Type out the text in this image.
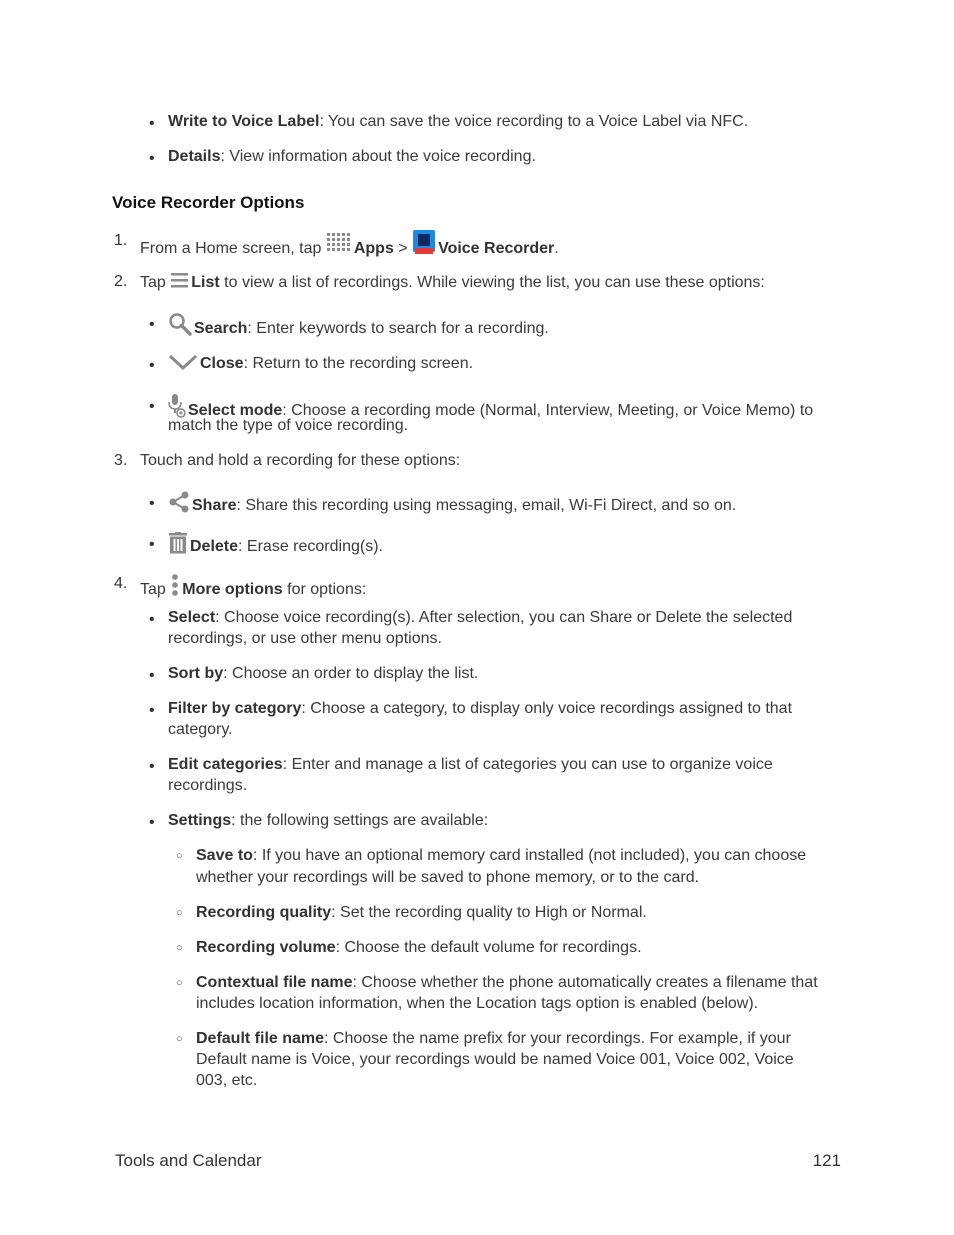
• Write to Voice Label: You can save the voice recording to a Voice Label via NFC.
• Details: View information about the voice recording.
Voice Recorder Options
1. From a Home screen, tap Apps > Voice Recorder.
2. Tap List to view a list of recordings. While viewing the list, you can use these options:
•	Search: Enter keywords to search for a recording.
•	Close: Return to the recording screen.
•	Select mode: Choose a recording mode (Normal, Interview, Meeting, or Voice Memo) to
match the type of voice recording.
3. Touch and hold a recording for these options:
•	Share: Share this recording using messaging, email, Wi-Fi Direct, and so on.
•	Delete: Erase recording(s).
4. Tap More options for options:
• Select: Choose voice recording(s). After selection, you can Share or Delete the selected
recordings, or use other menu options.
• Sort by: Choose an order to display the list.
• Filter by category: Choose a category, to display only voice recordings assigned to that
category.
• Edit categories: Enter and manage a list of categories you can use to organize voice
recordings.
• Settings: the following settings are available:
○ Save to: If you have an optional memory card installed (not included), you can choose
whether your recordings will be saved to phone memory, or to the card.
○ Recording quality: Set the recording quality to High or Normal.
○ Recording volume: Choose the default volume for recordings.
○ Contextual file name: Choose whether the phone automatically creates a filename that
includes location information, when the Location tags option is enabled (below).
○ Default file name: Choose the name prefix for your recordings. For example, if your
Default name is Voice, your recordings would be named Voice 001, Voice 002, Voice
003, etc.
Tools and Calendar	121
